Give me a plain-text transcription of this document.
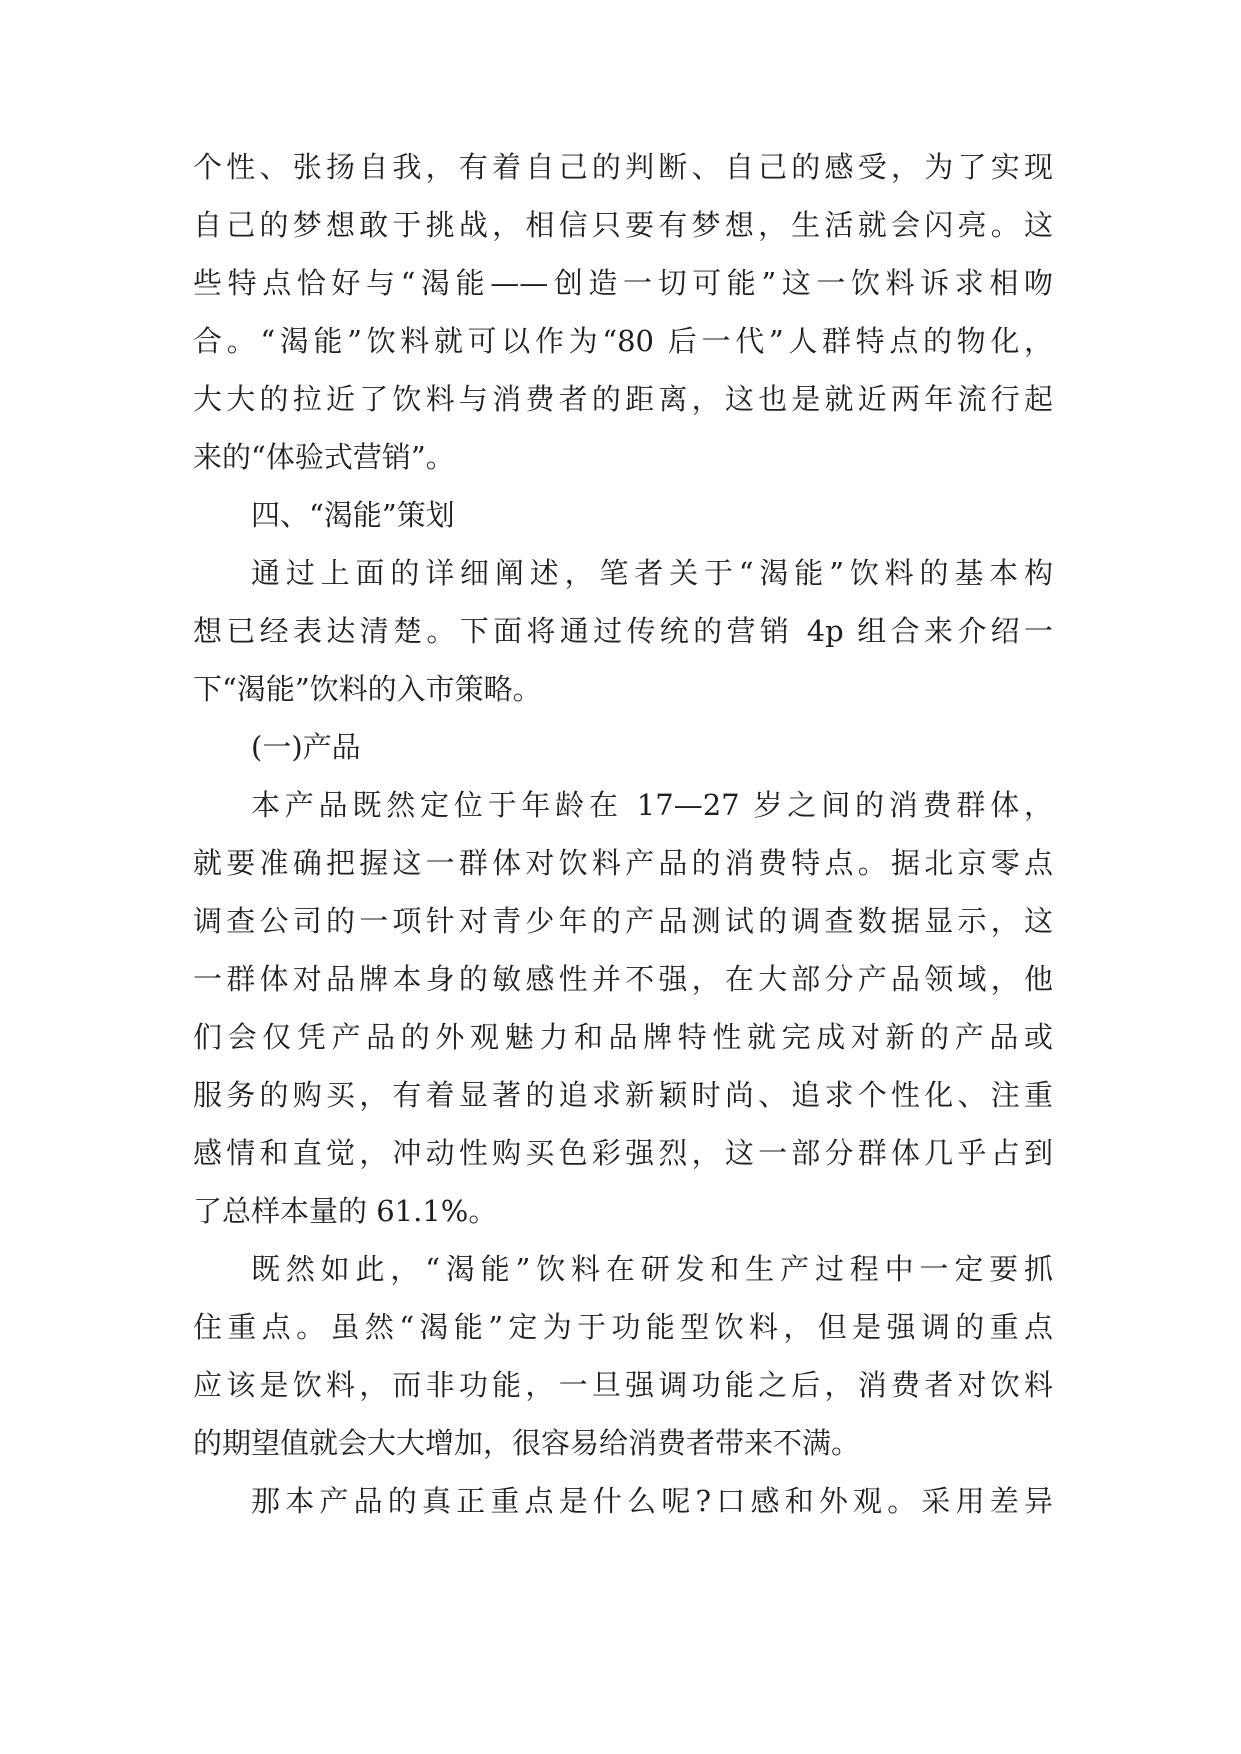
个性、张扬自我，有着自己的判断、自己的感受，为了实现
自己的梦想敢于挑战，相信只要有梦想，生活就会闪亮。这
些特点恰好与“渴能——创造一切可能”这一饮料诉求相吻
合。“渴能”饮料就可以作为“80 后一代”人群特点的物化，
大大的拉近了饮料与消费者的距离，这也是就近两年流行起
来的“体验式营销”。
四、“渴能”策划
通过上面的详细阐述，笔者关于“渴能”饮料的基本构
想已经表达清楚。下面将通过传统的营销 4p 组合来介绍一
下“渴能”饮料的入市策略。
(一)产品
本产品既然定位于年龄在 17—27 岁之间的消费群体，
就要准确把握这一群体对饮料产品的消费特点。据北京零点
调查公司的一项针对青少年的产品测试的调查数据显示，这
一群体对品牌本身的敏感性并不强，在大部分产品领域，他
们会仅凭产品的外观魅力和品牌特性就完成对新的产品或
服务的购买，有着显著的追求新颖时尚、追求个性化、注重
感情和直觉，冲动性购买色彩强烈，这一部分群体几乎占到
了总样本量的 61.1%。
既然如此，“渴能”饮料在研发和生产过程中一定要抓
住重点。虽然“渴能”定为于功能型饮料，但是强调的重点
应该是饮料，而非功能，一旦强调功能之后，消费者对饮料
的期望值就会大大增加，很容易给消费者带来不满。
那本产品的真正重点是什么呢?口感和外观。采用差异
